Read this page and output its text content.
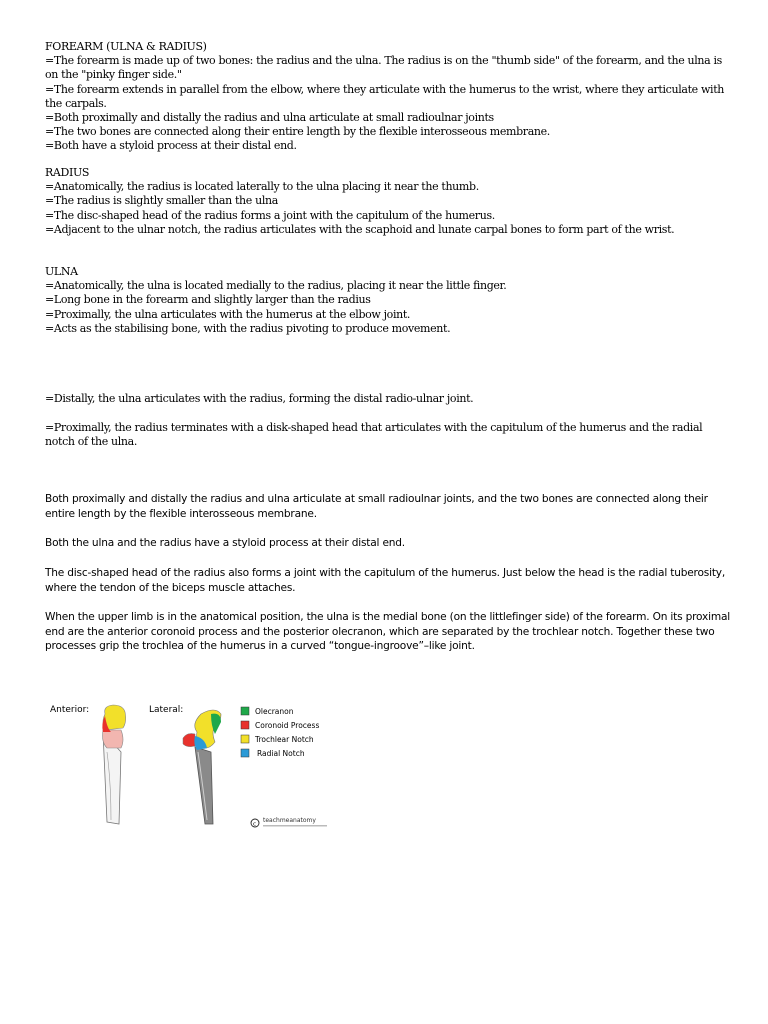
FOREARM (ULNA & RADIUS)
=The forearm is made up of two bones: the radius and the ulna. The radius is on the "thumb side" of the forearm, and the ulna is on the "pinky finger side."
=The forearm extends in parallel from the elbow, where they articulate with the humerus to the wrist, where they articulate with the carpals.
=Both proximally and distally the radius and ulna articulate at small radioulnar joints
=The two bones are connected along their entire length by the flexible interosseous membrane.
=Both have a styloid process at their distal end.
RADIUS
=Anatomically, the radius is located laterally to the ulna placing it near the thumb.
=The radius is slightly smaller than the ulna
=The disc-shaped head of the radius forms a joint with the capitulum of the humerus.
=Adjacent to the ulnar notch, the radius articulates with the scaphoid and lunate carpal bones to form part of the wrist.
ULNA
=Anatomically, the ulna is located medially to the radius, placing it near the little finger.
=Long bone in the forearm and slightly larger than the radius
=Proximally, the ulna articulates with the humerus at the elbow joint.
=Acts as the stabilising bone, with the radius pivoting to produce movement.
=Distally, the ulna articulates with the radius, forming the distal radio-ulnar joint.
=Proximally, the radius terminates with a disk-shaped head that articulates with the capitulum of the humerus and the radial notch of the ulna.

Both proximally and distally the radius and ulna articulate at small radioulnar joints, and the two bones are connected along their entire length by the flexible interosseous membrane.

Both the ulna and the radius have a styloid process at their distal end.

The disc-shaped head of the radius also forms a joint with the capitulum of the humerus. Just below the head is the radial tuberosity, where the tendon of the biceps muscle attaches.

When the upper limb is in the anatomical position, the ulna is the medial bone (on the littlefinger side) of the forearm. On its proximal end are the anterior coronoid process and the posterior olecranon, which are separated by the trochlear notch. Together these two processes grip the trochlea of the humerus in a curved “tongue-ingroove”–like joint.

Anterior:	Lateral:	Olecranon
Coronoid Process
Trochlear Notch
Radial Notch
c
teachmeanatomy
